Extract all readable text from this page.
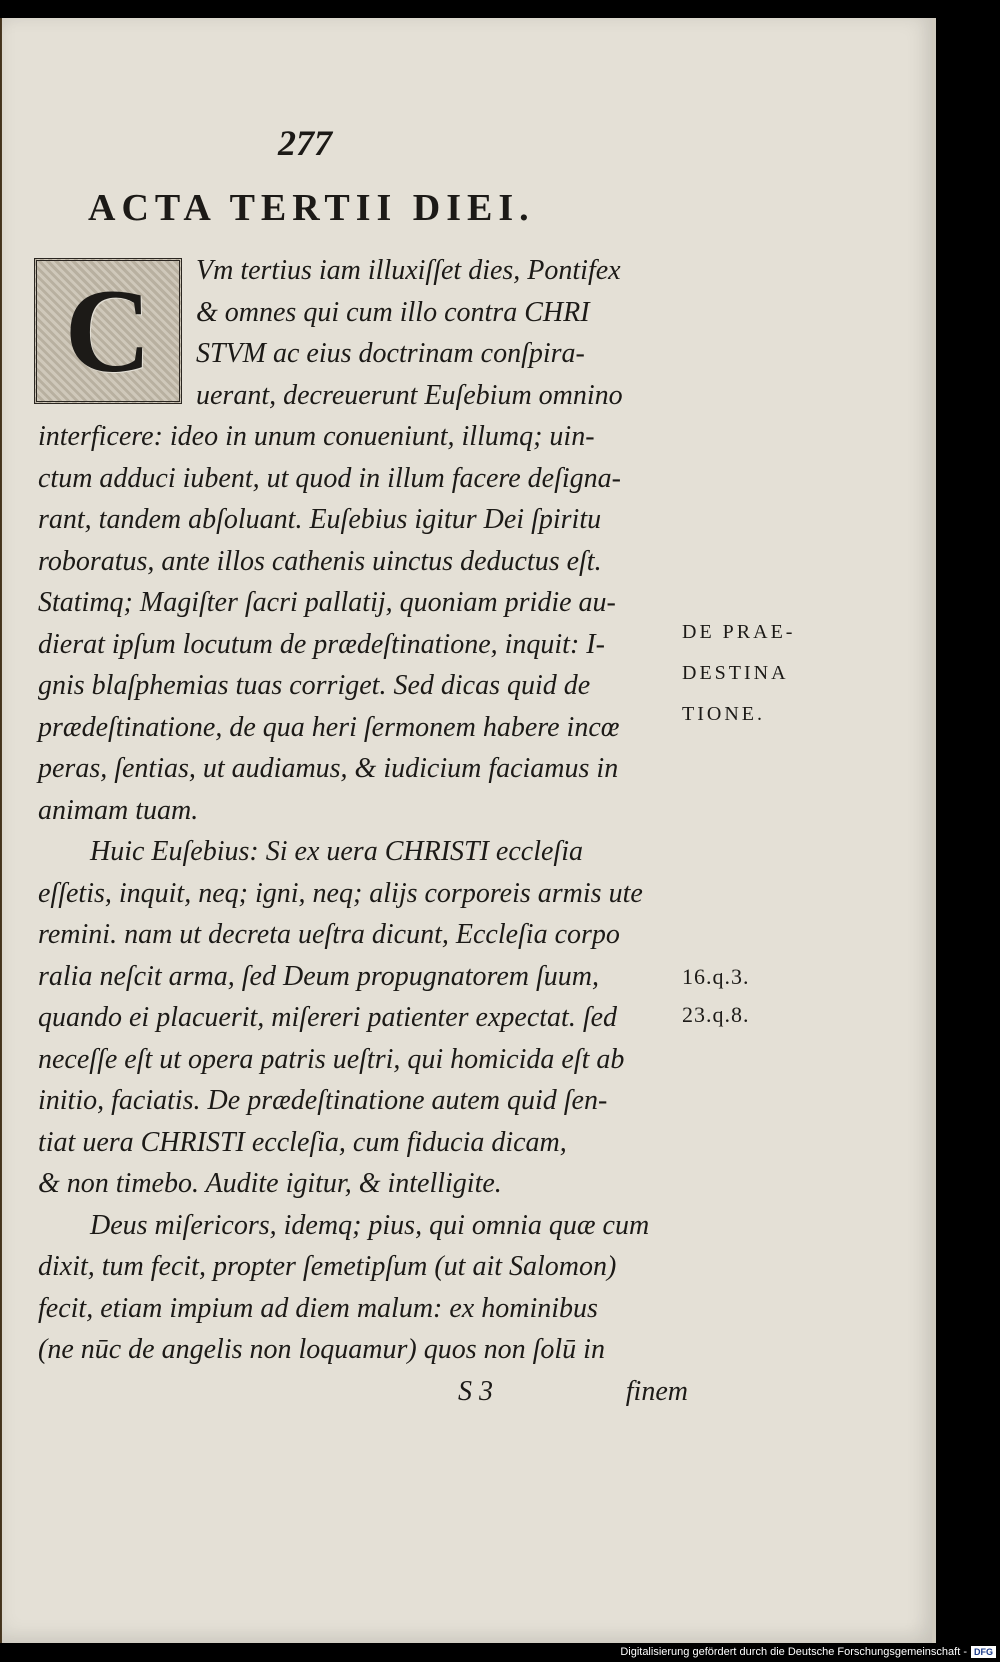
277
ACTA TERTII DIEI.
C	Vm tertius iam illuxiſſet dies, Pontifex
& omnes qui cum illo contra CHRI
STVM ac eius doctrinam conſpira-
uerant, decreuerunt Euſebium omnino
interficere: ideo in unum conueniunt, illumq; uin-
ctum adduci iubent, ut quod in illum facere deſigna-
rant, tandem abſoluant. Euſebius igitur Dei ſpiritu
roboratus, ante illos cathenis uinctus deductus eſt.
Statimq; Magiſter ſacri pallatij, quoniam pridie au-
dierat ipſum locutum de prædeſtinatione, inquit: I-
gnis blaſphemias tuas corriget. Sed dicas quid de
prædeſtinatione, de qua heri ſermonem habere incœ
peras, ſentias, ut audiamus, & iudicium faciamus in
animam tuam.
Huic Euſebius: Si ex uera CHRISTI eccleſia
eſſetis, inquit, neq; igni, neq; alijs corporeis armis ute
remini. nam ut decreta ueſtra dicunt, Eccleſia corpo
ralia neſcit arma, ſed Deum propugnatorem ſuum,
quando ei placuerit, miſereri patienter expectat. ſed
neceſſe eſt ut opera patris ueſtri, qui homicida eſt ab
initio, faciatis. De prædeſtinatione autem quid ſen-
tiat uera CHRISTI eccleſia, cum fiducia dicam,
& non timebo. Audite igitur, & intelligite.
Deus miſericors, idemq; pius, qui omnia quæ cum
dixit, tum fecit, propter ſemetipſum (ut ait Salomon)
fecit, etiam impium ad diem malum: ex hominibus
(ne nūc de angelis non loquamur) quos non ſolū in
DE PRAE-
DESTINA
TIONE.
16.q.3.
23.q.8.
S 3	finem
Digitalisierung gefördert durch die Deutsche Forschungsgemeinschaft - DFG
